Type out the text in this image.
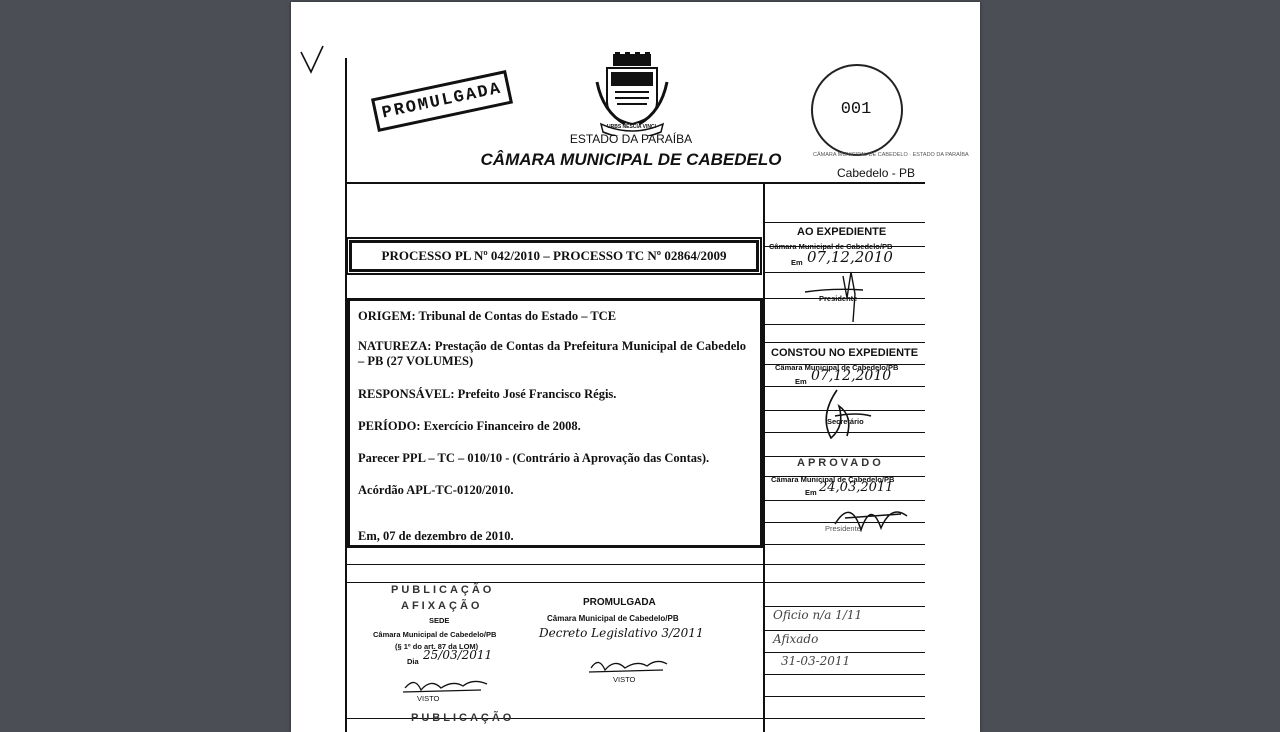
PROMULGADA
URBS NESCIA VINCI
ESTADO DA PARAÍBA
CÂMARA MUNICIPAL DE CABEDELO
Cabedelo - PB
CÂMARA MUNICIPAL DE CABEDELO · ESTADO DA PARAÍBA
001
PROCESSO PL Nº 042/2010 – PROCESSO TC Nº 02864/2009
ORIGEM: Tribunal de Contas do Estado – TCE
NATUREZA: Prestação de Contas da Prefeitura Municipal de Cabedelo – PB (27 VOLUMES)
RESPONSÁVEL: Prefeito José Francisco Régis.
PERÍODO: Exercício Financeiro de 2008.
Parecer PPL – TC – 010/10 - (Contrário à Aprovação das Contas).
Acórdão APL-TC-0120/2010.
Em, 07 de dezembro de 2010.
AO EXPEDIENTE
Câmara Municipal de Cabedelo/PB
Em 07,12,2010
Presidente
CONSTOU NO EXPEDIENTE
Câmara Municipal de Cabedelo/PB
Em 07,12,2010
Secretário
APROVADO
Câmara Municipal de Cabedelo/PB
Em 24,03,2011
Presidente
PUBLICAÇÃO
AFIXAÇÃO
SEDE
Câmara Municipal de Cabedelo/PB
(§ 1º do art. 87 da LOM)
Dia 25/03/2011
VISTO
PROMULGADA
Câmara Municipal de Cabedelo/PB
Decreto Legislativo 3/2011
VISTO
Oficio n/a 1/11
Afixado
31-03-2011
PUBLICAÇÃO
